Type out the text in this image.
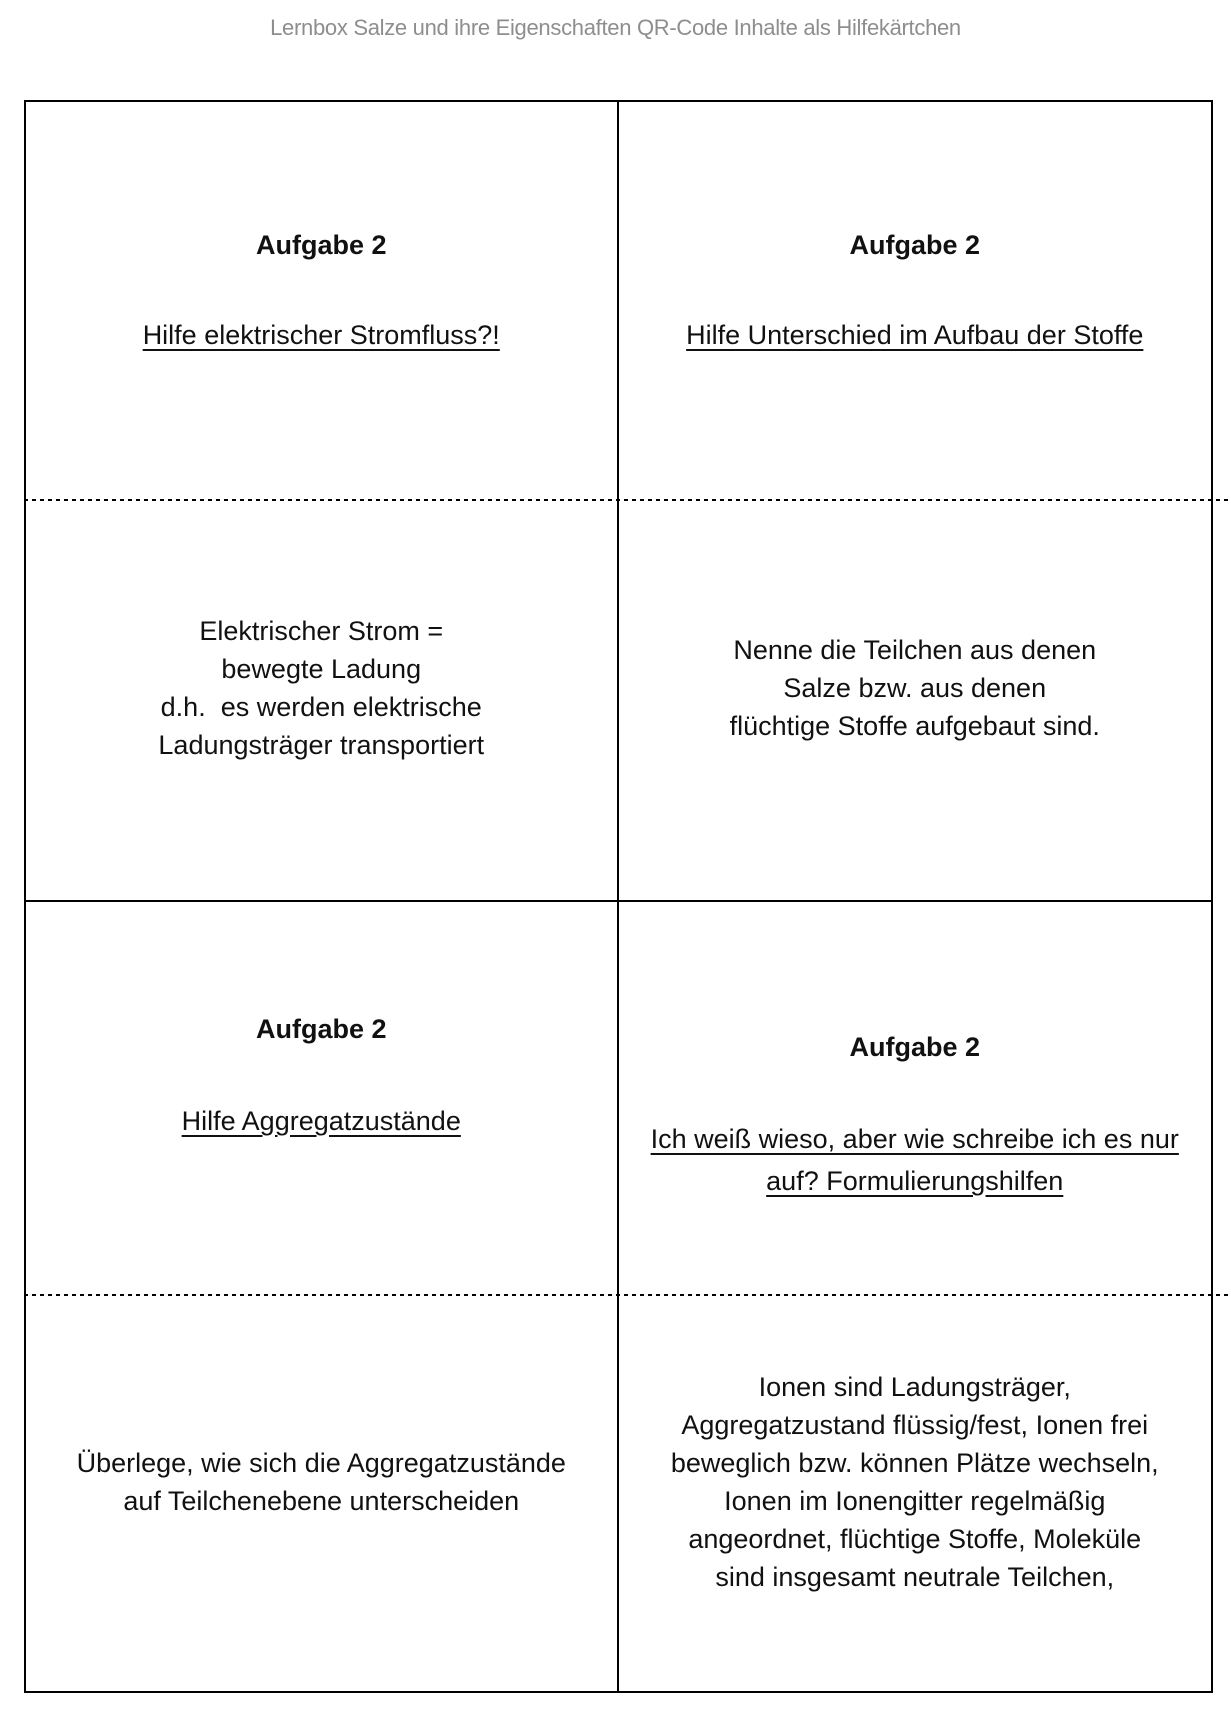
Lernbox Salze und ihre Eigenschaften QR-Code Inhalte als Hilfekärtchen
Aufgabe 2
Hilfe elektrischer Stromfluss?!
Aufgabe 2
Hilfe Unterschied im Aufbau der Stoffe
Elektrischer Strom =
bewegte Ladung
d.h.  es werden elektrische
Ladungsträger transportiert
Nenne die Teilchen aus denen
Salze bzw. aus denen
flüchtige Stoffe aufgebaut sind.
Aufgabe 2
Hilfe Aggregatzustände
Aufgabe 2
Ich weiß wieso, aber wie schreibe ich es nur auf? Formulierungshilfen
Überlege, wie sich die Aggregatzustände
auf Teilchenebene unterscheiden
Ionen sind Ladungsträger,
Aggregatzustand flüssig/fest, Ionen frei
beweglich bzw. können Plätze wechseln,
Ionen im Ionengitter regelmäßig
angeordnet, flüchtige Stoffe, Moleküle
sind insgesamt neutrale Teilchen,
